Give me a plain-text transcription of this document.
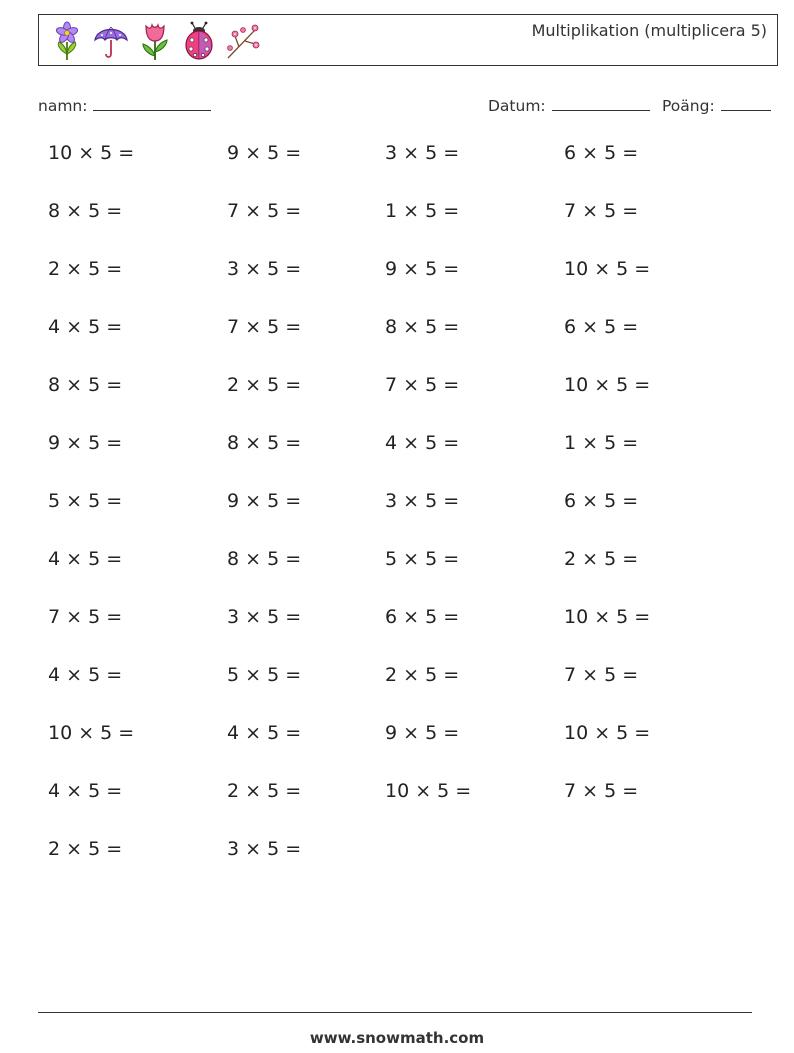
Multiplikation (multiplicera 5)
namn:	Datum:	Poäng:
10 × 5 =	9 × 5 =	3 × 5 =	6 × 5 =
8 × 5 =	7 × 5 =	1 × 5 =	7 × 5 =
2 × 5 =	3 × 5 =	9 × 5 =	10 × 5 =
4 × 5 =	7 × 5 =	8 × 5 =	6 × 5 =
8 × 5 =	2 × 5 =	7 × 5 =	10 × 5 =
9 × 5 =	8 × 5 =	4 × 5 =	1 × 5 =
5 × 5 =	9 × 5 =	3 × 5 =	6 × 5 =
4 × 5 =	8 × 5 =	5 × 5 =	2 × 5 =
7 × 5 =	3 × 5 =	6 × 5 =	10 × 5 =
4 × 5 =	5 × 5 =	2 × 5 =	7 × 5 =
10 × 5 =	4 × 5 =	9 × 5 =	10 × 5 =
4 × 5 =	2 × 5 =	10 × 5 =	7 × 5 =
2 × 5 =	3 × 5 =
www.snowmath.com
